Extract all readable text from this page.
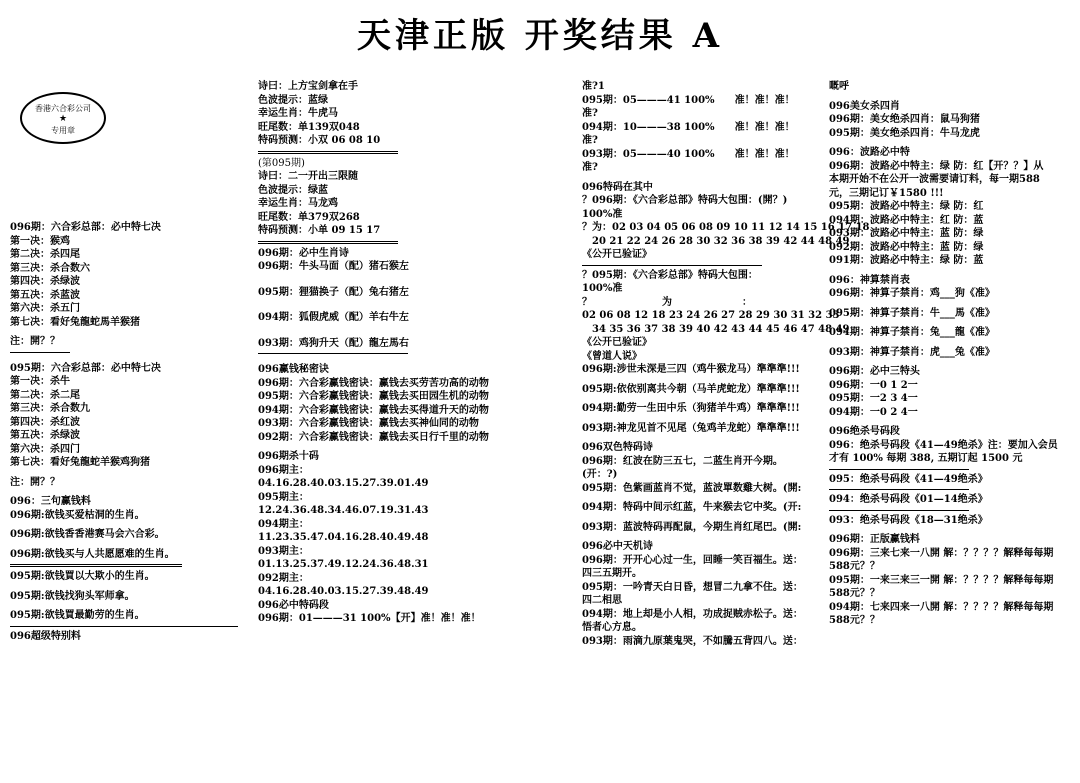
天津正版 开奖结果 A
香港六合彩公司
★
专用章
096期：六合彩总部：必中特七决
第一决：猴鸡
第二决：杀四尾
第三决：杀合数六
第四决：杀绿波
第五决：杀蓝波
第六决：杀五门
第七决：看好兔龍蛇馬羊猴猪
注：開？？
095期：六合彩总部：必中特七决
第一决：杀牛
第二决：杀二尾
第三决：杀合数九
第四决：杀红波
第五决：杀绿波
第六决：杀四门
第七决：看好兔龍蛇羊猴鸡狗猪
注：開？？
096：三句赢钱料
096期:欲钱买爱枯洞的生肖。
096期:欲钱香香港赛马会六合彩。
096期:欲钱买与人共愿愿难的生肖。
095期:欲钱買以大欺小的生肖。
095期:欲钱找狗头军师拿。
095期:欲钱買最勤劳的生肖。
096超级特别料
诗曰：上方宝剑拿在手
色波提示：蓝绿
幸运生肖：牛虎马
旺尾数：单139双048
特码预测：小双 06 08 10
(第095期)
诗曰：二一开出三限随
色波提示：绿蓝
幸运生肖：马龙鸡
旺尾数：单379双268
特码预测：小单 09 15 17
096期：必中生肖诗
096期：牛头马面（配）猪石猴左
095期：狸猫换子（配）兔右猪左
094期：狐假虎威（配）羊右牛左
093期：鸡狗升天（配）龍左馬右
096赢钱秘密诀
096期：六合彩赢钱密诀：赢钱去买劳苦功高的动物
095期：六合彩赢钱密诀：赢钱去买田园生机的动物
094期：六合彩赢钱密诀：赢钱去买得道升天的动物
093期：六合彩赢钱密诀：赢钱去买神仙同的动物
092期：六合彩赢钱密诀：赢钱去买日行千里的动物
096期杀十码
096期主：04.16.28.40.03.15.27.39.01.49
095期主：12.24.36.48.34.46.07.19.31.43
094期主：11.23.35.47.04.16.28.40.49.48
093期主：01.13.25.37.49.12.24.36.48.31
092期主：04.16.28.40.03.15.27.39.48.49
096必中特码段
096期：01———31 100%【开】准！准！准！
准?1
095期：05———41 100%　　准！准！准！
准?
094期：10———38 100%　　准！准！准！
准?
093期：05———40 100%　　准！准！准！
准?
096特码在其中
？096期：《六合彩总部》特码大包围：(開？)
100%准
？为：02 03 04 05 06 08 09 10 11 12 14 15 16 17 18
　20 21 22 24 26 28 30 32 36 38 39 42 44 48 49
《公开已验证》
？095期：《六合彩总部》特码大包围：
100%准
？　　　　　　　为　　　　　　　：
02 06 08 12 18 23 24 26 27 28 29 30 31 32 33
　34 35 36 37 38 39 40 42 43 44 45 46 47 48 49
《公开已验证》
《曾道人说》
096期:涉世未深是三四（鸡牛猴龙马）準準準!!!
095期:依依别离共今朝（马羊虎蛇龙）準準準!!!
094期:勤劳一生田中乐（狗猪羊牛鸡）準準準!!!
093期:神龙见首不见尾（兔鸡羊龙蛇）準準準!!!
096双色特码诗
096期：红波在防三五七，二蓝生肖开今期。(开：?)
095期：色紫画蓝肖不觉，蓝波單数雞大树。(開:
094期：特码中间示红蓝，牛来猴去它中奖。(开:
093期：蓝波特码再配鼠，今期生肖红尾巴。(開:
096必中天机诗
096期：开开心心过一生，回睡一笑百福生。送：四三五期开。
095期：一吟青天白日昏，想冒二九拿不住。送：四二相思
094期：地上却是小人相，功成捉贼赤松子。送：悟者心方息。
093期：雨滴九原葉鬼哭，不如騰五背四八。送：
嘅呼
096美女杀四肖
096期：美女绝杀四肖：鼠马狗猪
095期：美女绝杀四肖：牛马龙虎
096：波路必中特
096期：波路必中特主：绿 防：红【开？？】从
本期开始不在公开一波需要请订料，每一期588
元，三期记订￥1580 !!!
095期：波路必中特主：绿 防：红
094期：波路必中特主：红 防：蓝
093期：波路必中特主：蓝 防：绿
092期：波路必中特主：蓝 防：绿
091期：波路必中特主：绿 防：蓝
096：神算禁肖表
096期：神算子禁肖：鸡___狗《准》
095期：神算子禁肖：牛___馬《准》
094期：神算子禁肖：兔___龍《准》
093期：神算子禁肖：虎___兔《准》
096期：必中三特头
096期：一0 1 2一
095期：一2 3 4一
094期：一0 2 4一
096绝杀号码段
096：绝杀号码段《41—49绝杀》注：要加入会员
才有 100% 每期 388, 五期订起 1500 元
095：绝杀号码段《41—49绝杀》
094：绝杀号码段《01—14绝杀》
093：绝杀号码段《18—31绝杀》
096期：正版赢钱料
096期：三来七来一八開 解：？？？？解释每每期588元？？
095期：一来三来三一開 解：？？？？解释每每期588元？？
094期：七来四来一八開 解：？？？？解释每每期588元？？
